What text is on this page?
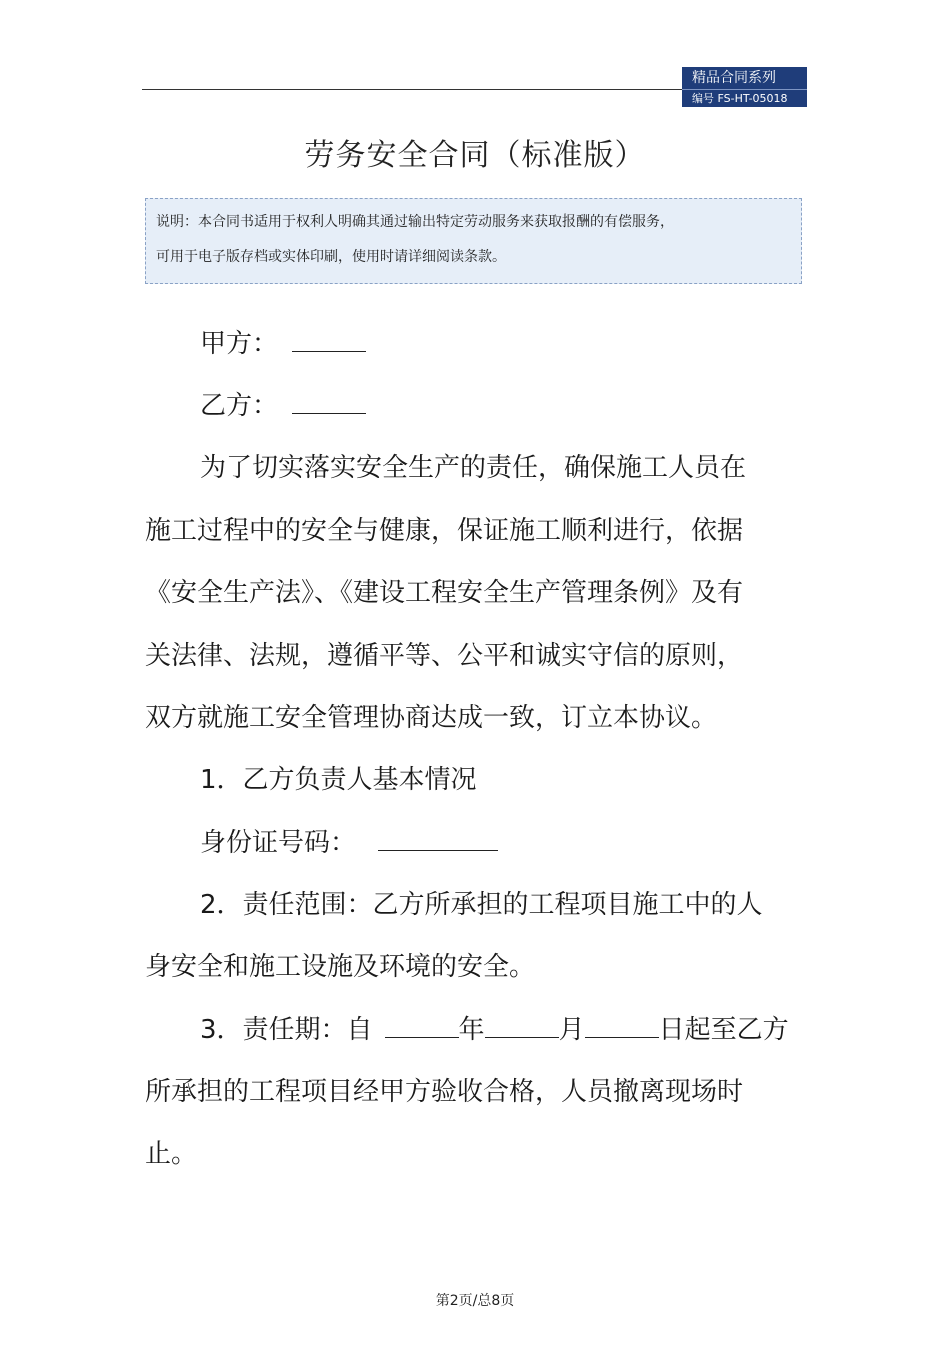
精品合同系列
编号 FS-HT-05018
劳务安全合同（标准版）
说明：本合同书适用于权利人明确其通过输出特定劳动服务来获取报酬的有偿服务，
可用于电子版存档或实体印刷，使用时请详细阅读条款。
甲方：
乙方：
为了切实落实安全生产的责任，确保施工人员在
施工过程中的安全与健康，保证施工顺利进行，依据
《安全生产法》、《建设工程安全生产管理条例》及有
关法律、法规，遵循平等、公平和诚实守信的原则，
双方就施工安全管理协商达成一致，订立本协议。
1．乙方负责人基本情况
身份证号码：
2．责任范围：乙方所承担的工程项目施工中的人
身安全和施工设施及环境的安全。
3．责任期：自	年	月	日起至乙方
所承担的工程项目经甲方验收合格，人员撤离现场时
止。
第2页/总8页
